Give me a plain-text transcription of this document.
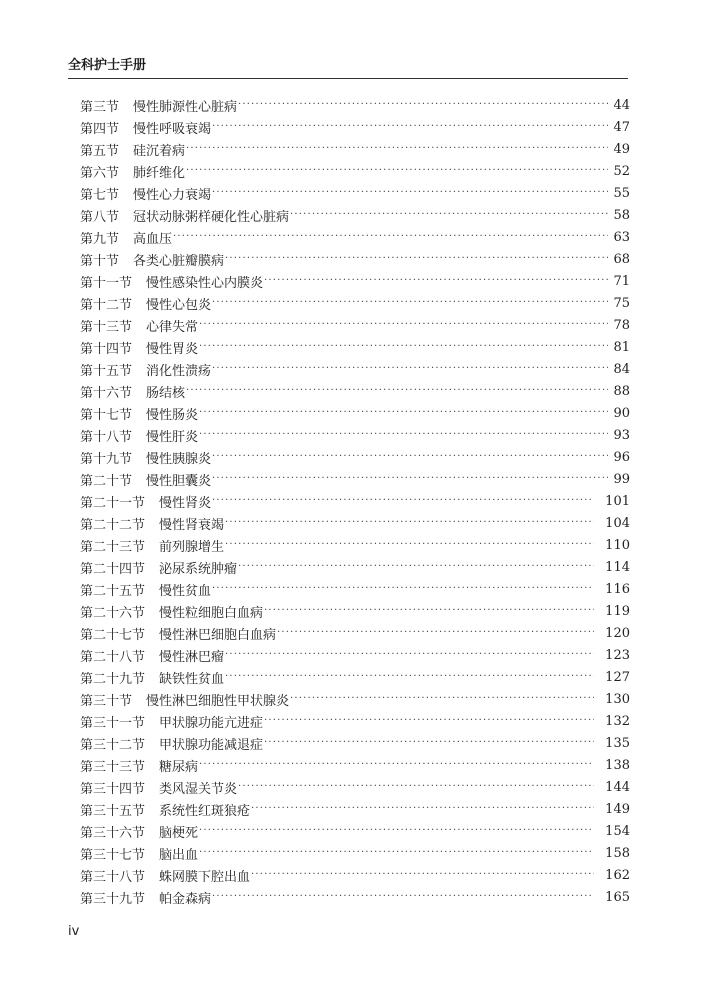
全科护士手册
第三节 慢性肺源性心脏病 ·····	44
第四节 慢性呼吸衰竭 ·····	47
第五节 硅沉着病 ·····	49
第六节 肺纤维化 ·····	52
第七节 慢性心力衰竭 ·····	55
第八节 冠状动脉粥样硬化性心脏病 ·····	58
第九节 高血压 ·····	63
第十节 各类心脏瓣膜病 ·····	68
第十一节 慢性感染性心内膜炎 ·····	71
第十二节 慢性心包炎 ·····	75
第十三节 心律失常 ·····	78
第十四节 慢性胃炎 ·····	81
第十五节 消化性溃疡 ·····	84
第十六节 肠结核 ·····	88
第十七节 慢性肠炎 ·····	90
第十八节 慢性肝炎 ·····	93
第十九节 慢性胰腺炎 ·····	96
第二十节 慢性胆囊炎 ·····	99
第二十一节 慢性肾炎 ·····	101
第二十二节 慢性肾衰竭 ·····	104
第二十三节 前列腺增生 ·····	110
第二十四节 泌尿系统肿瘤 ·····	114
第二十五节 慢性贫血 ·····	116
第二十六节 慢性粒细胞白血病 ·····	119
第二十七节 慢性淋巴细胞白血病 ·····	120
第二十八节 慢性淋巴瘤 ·····	123
第二十九节 缺铁性贫血 ·····	127
第三十节 慢性淋巴细胞性甲状腺炎 ·····	130
第三十一节 甲状腺功能亢进症 ·····	132
第三十二节 甲状腺功能减退症 ·····	135
第三十三节 糖尿病 ·····	138
第三十四节 类风湿关节炎 ·····	144
第三十五节 系统性红斑狼疮 ·····	149
第三十六节 脑梗死 ·····	154
第三十七节 脑出血 ·····	158
第三十八节 蛛网膜下腔出血 ·····	162
第三十九节 帕金森病 ·····	165
iv
